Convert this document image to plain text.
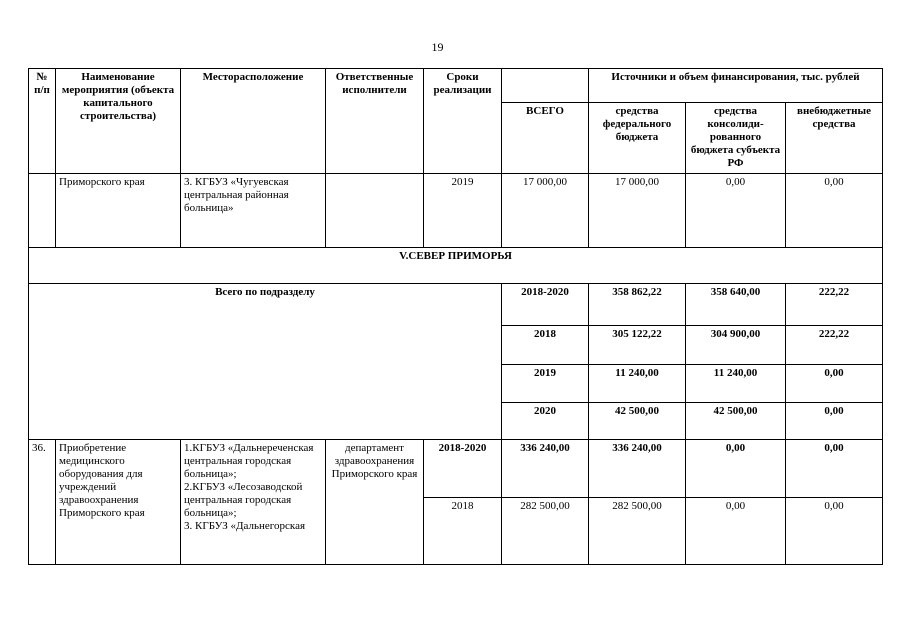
19
№ п/п	Наименование мероприятия (объекта капитального строительства)	Месторасположение	Ответственные исполнители	Сроки реализации		Источники и объем финансирования, тыс. рублей			
					ВСЕГО	средства федерального бюджета	средства консолиди-рованного бюджета субъекта РФ	внебюджетные средства	
	Приморского края	3. КГБУЗ «Чугуевская центральная районная больница»		2019	17 000,00	17 000,00	0,00	0,00	
V.СЕВЕР ПРИМОРЬЯ									
Всего по подразделу					2018-2020	358 862,22	358 640,00	222,22	
					2018	305 122,22	304 900,00	222,22	
					2019	11 240,00	11 240,00	0,00	
					2020	42 500,00	42 500,00	0,00	
36.	Приобретение медицинского оборудования для учреждений здравоохранения Приморского края	1.КГБУЗ «Дальнереченская центральная городская больница»;
2.КГБУЗ «Лесозаводской центральная городская больница»;
3. КГБУЗ «Дальнегорская	департамент здравоохранения Приморского края	2018-2020	336 240,00	336 240,00	0,00	0,00	
				2018	282 500,00	282 500,00	0,00	0,00	
